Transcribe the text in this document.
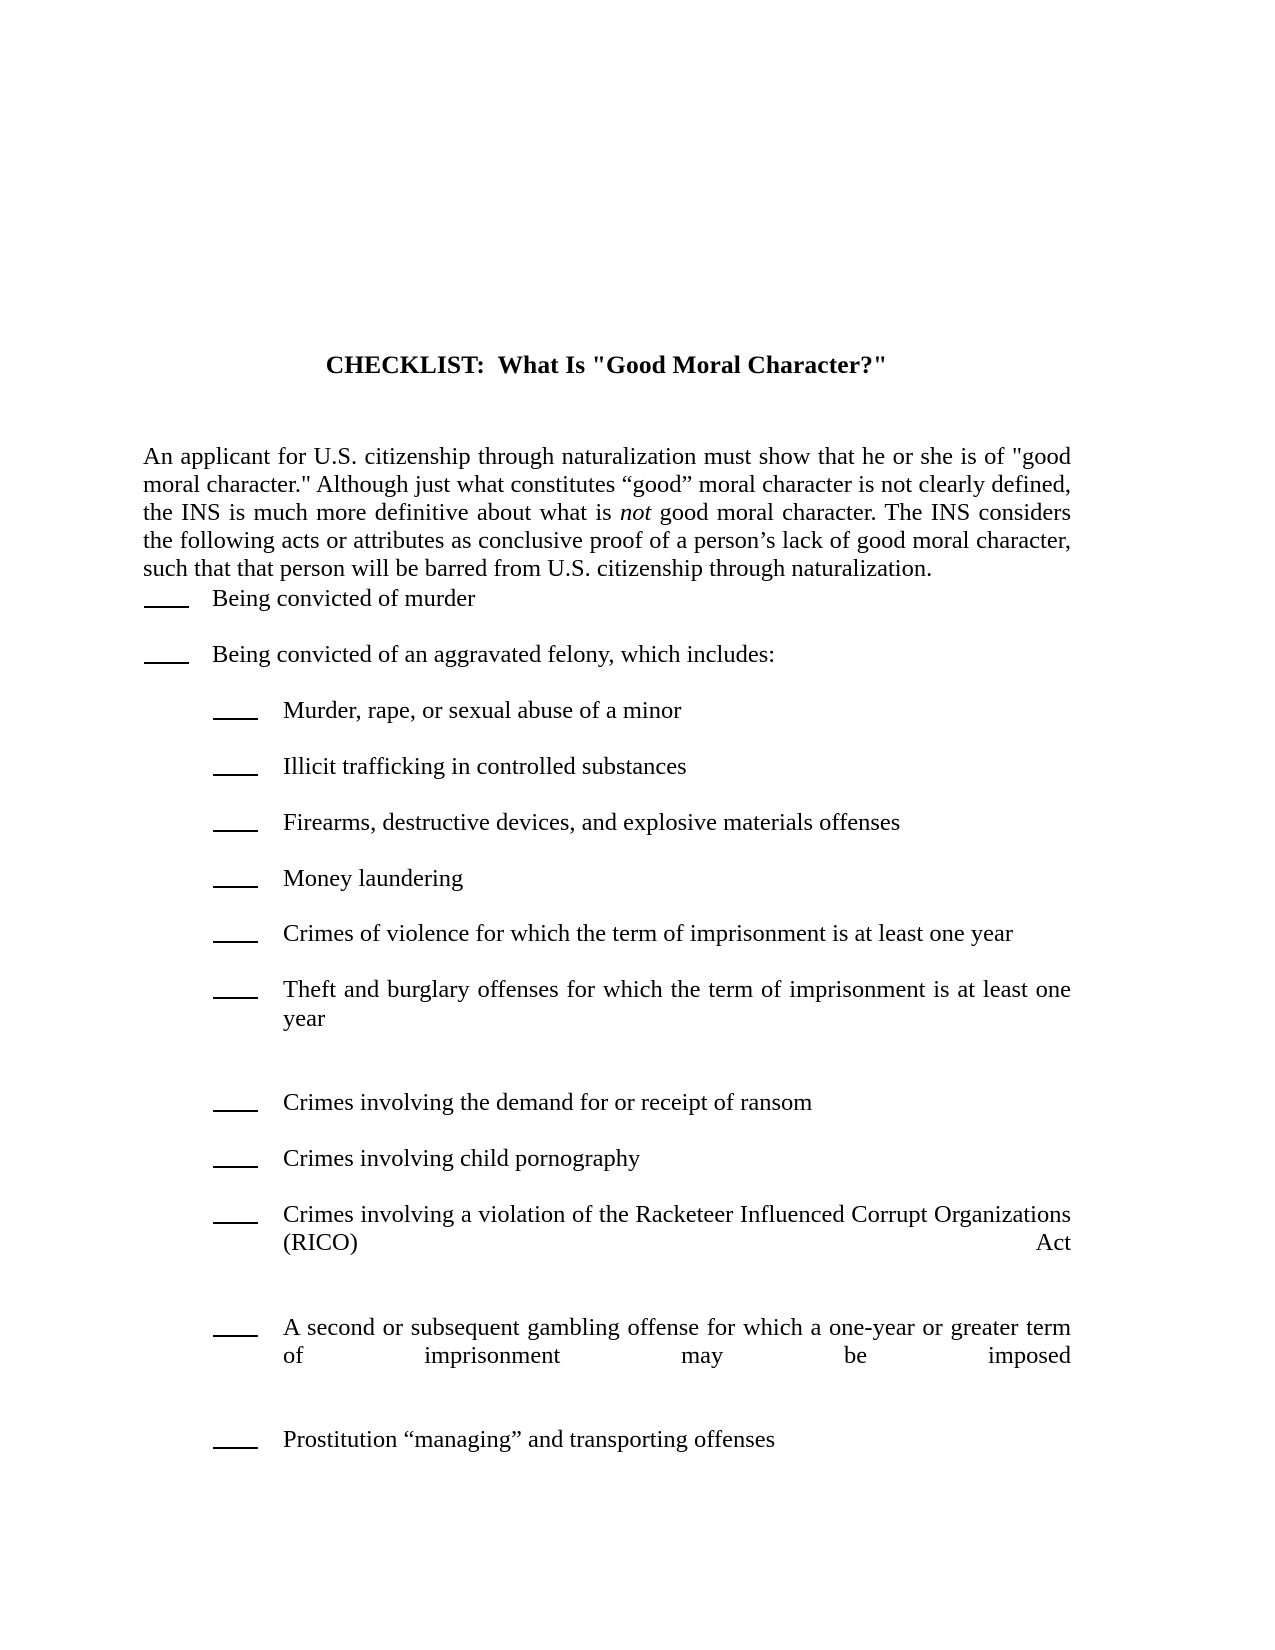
CHECKLIST:  What Is "Good Moral Character?"

An applicant for U.S. citizenship through naturalization must show that he or she is of "good moral character." Although just what constitutes “good” moral character is not clearly defined, the INS is much more definitive about what is not good moral character. The INS considers the following acts or attributes as conclusive proof of a person’s lack of good moral character, such that that person will be barred from U.S. citizenship through naturalization.

Being convicted of murder
Being convicted of an aggravated felony, which includes:
Murder, rape, or sexual abuse of a minor
Illicit trafficking in controlled substances
Firearms, destructive devices, and explosive materials offenses
Money laundering
Crimes of violence for which the term of imprisonment is at least one year
Theft and burglary offenses for which the term of imprisonment is at least one year
Crimes involving the demand for or receipt of ransom
Crimes involving child pornography
Crimes involving a violation of the Racketeer Influenced Corrupt Organizations (RICO) Act
A second or subsequent gambling offense for which a one-year or greater term of imprisonment may be imposed
Prostitution “managing” and transporting offenses
